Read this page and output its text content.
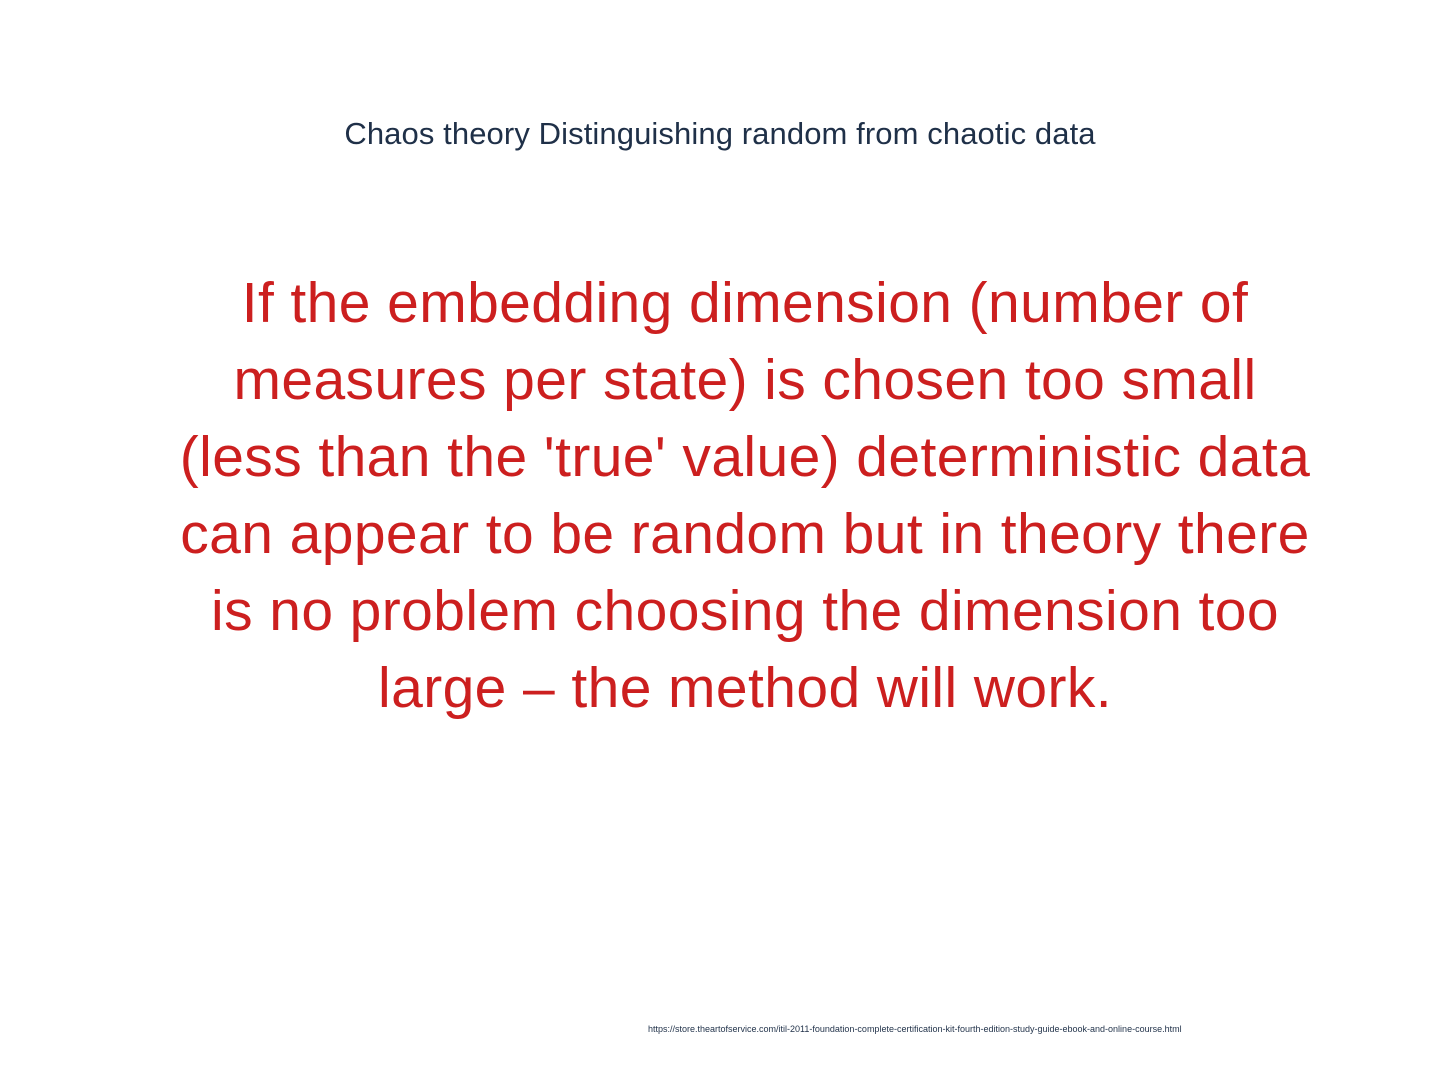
Chaos theory Distinguishing random from chaotic data
If the embedding dimension (number of measures per state) is chosen too small (less than the 'true' value) deterministic data can appear to be random but in theory there is no problem choosing the dimension too large – the method will work.
https://store.theartofservice.com/itil-2011-foundation-complete-certification-kit-fourth-edition-study-guide-ebook-and-online-course.html
